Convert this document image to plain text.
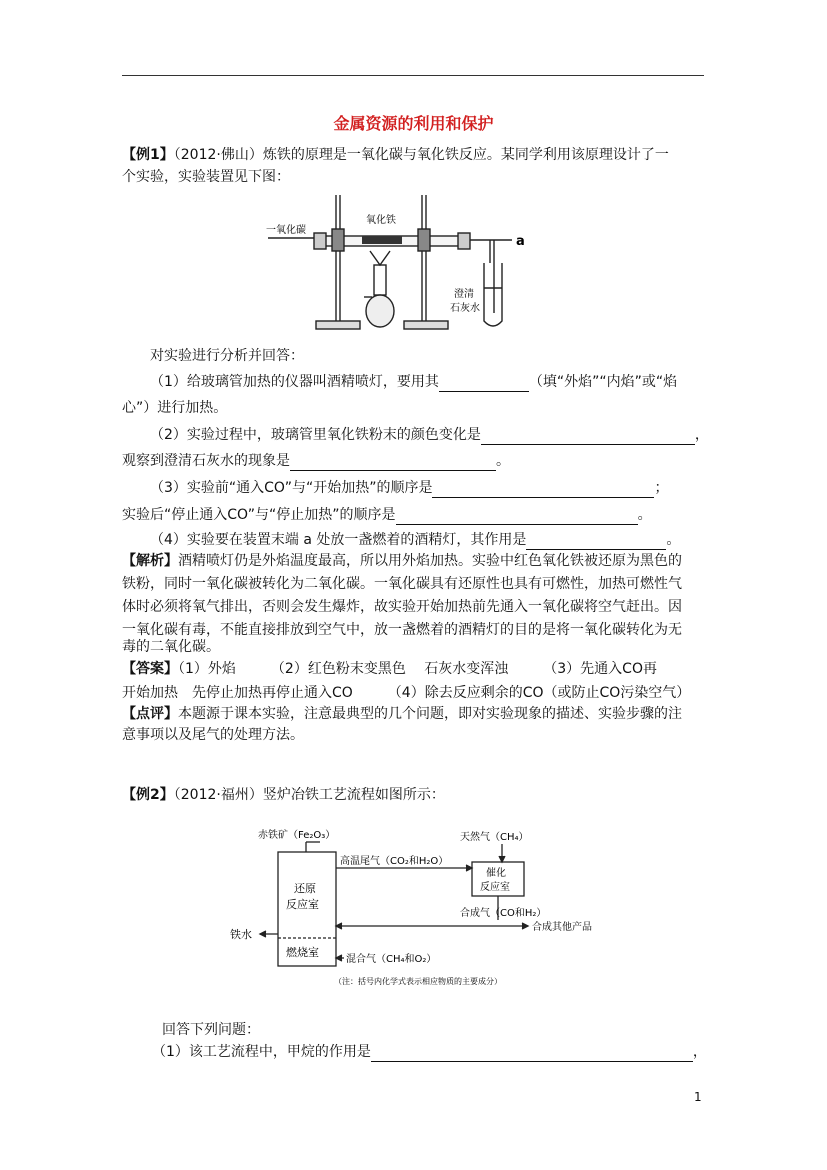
金属资源的利用和保护
【例1】（2012·佛山）炼铁的原理是一氧化碳与氧化铁反应。某同学利用该原理设计了一
个实验，实验装置见下图：
一氧化碳
氧化铁
a
澄清
石灰水
对实验进行分析并回答：
（1）给玻璃管加热的仪器叫酒精喷灯，要用其	（填“外焰”“内焰”或“焰
心”）进行加热。
（2）实验过程中，玻璃管里氧化铁粉末的颜色变化是	，
观察到澄清石灰水的现象是	。
（3）实验前“通入CO”与“开始加热”的顺序是	；
实验后“停止通入CO”与“停止加热”的顺序是	。
（4）实验要在装置末端 a 处放一盏燃着的酒精灯，其作用是	。
【解析】酒精喷灯仍是外焰温度最高，所以用外焰加热。实验中红色氧化铁被还原为黑色的
铁粉，同时一氧化碳被转化为二氧化碳。一氧化碳具有还原性也具有可燃性，加热可燃性气
体时必须将氧气排出，否则会发生爆炸，故实验开始加热前先通入一氧化碳将空气赶出。因
一氧化碳有毒，不能直接排放到空气中，放一盏燃着的酒精灯的目的是将一氧化碳转化为无
毒的二氧化碳。
【答案】（1）外焰　　　（2）红色粉末变黑色　 石灰水变浑浊　　　（3）先通入CO再
开始加热　先停止加热再停止通入CO　　　（4）除去反应剩余的CO（或防止CO污染空气）
【点评】本题源于课本实验，注意最典型的几个问题，即对实验现象的描述、实验步骤的注
意事项以及尾气的处理方法。
【例2】（2012·福州）竖炉冶铁工艺流程如图所示：
赤铁矿（Fe₂O₃）	天然气（CH₄）
高温尾气（CO₂和H₂O）
催化
反应室
还原
反应室
燃烧室
铁水
合成气（CO和H₂）
合成其他产品
混合气（CH₄和O₂）
（注：括号内化学式表示相应物质的主要成分）
回答下列问题：
（1）该工艺流程中，甲烷的作用是	，
1
